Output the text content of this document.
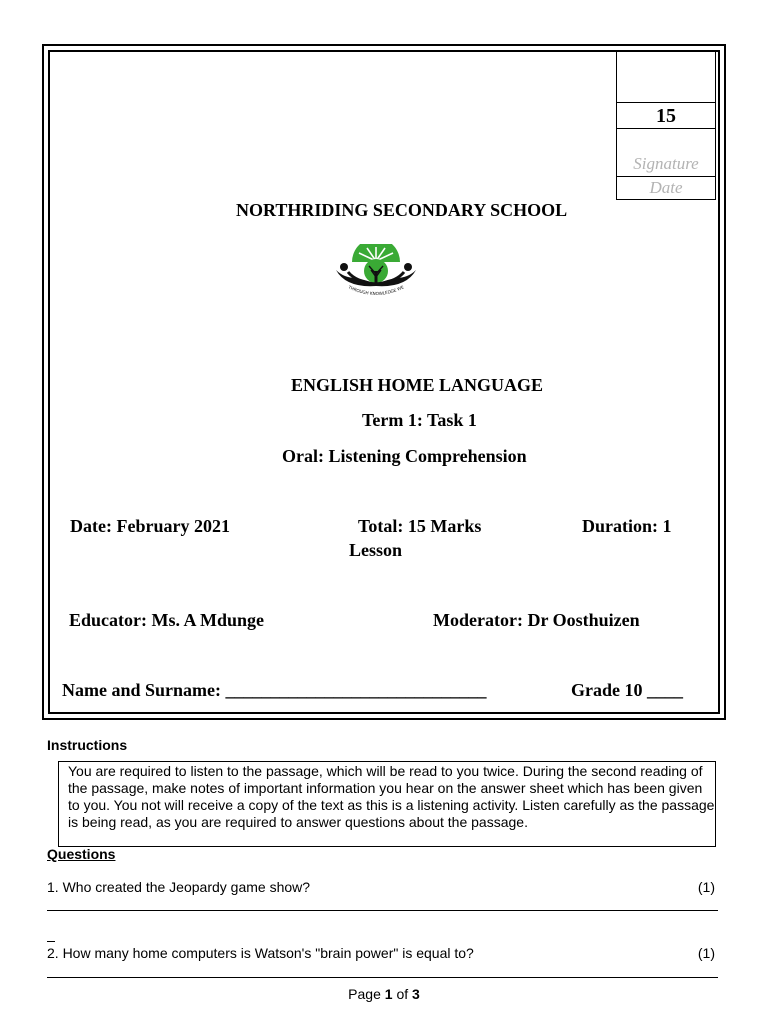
15
Signature
Date
NORTHRIDING SECONDARY SCHOOL
THROUGH KNOWLEDGE WE
ENGLISH HOME LANGUAGE
Term 1: Task 1
Oral: Listening Comprehension
Date: February 2021	Total: 15 Marks	Duration: 1
Lesson
Educator: Ms. A Mdunge	Moderator: Dr Oosthuizen
Name and Surname: _____________________________	Grade 10 ____
Instructions
You are required to listen to the passage, which will be read to you twice. During the second reading of the passage, make notes of important information you hear on the answer sheet which has been given to you. You not will receive a copy of the text as this is a listening activity. Listen carefully as the passage is being read, as you are required to answer questions about the passage.
Questions
1. Who created the Jeopardy game show?	(1)
2. How many home computers is Watson's "brain power" is equal to?	(1)
Page 1 of 3
